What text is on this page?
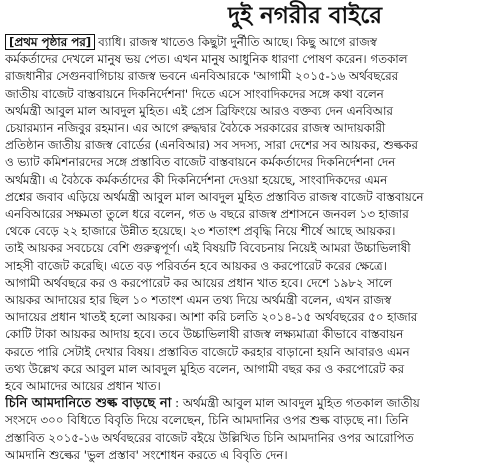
দুই নগরীর বাইরে
[প্রথম পৃষ্ঠার পর] ব্যাধি। রাজস্ব খাতেও কিছুটা দুর্নীতি আছে। কিছু আগে রাজস্ব
কর্মকর্তাদের দেখলে মানুষ ভয় পেত। এখন মানুষ আধুনিক ধারণা পোষণ করেন। গতকাল
রাজধানীর সেগুনবাগিচায় রাজস্ব ভবনে এনবিআরকে 'আগামী ২০১৫-১৬ অর্থবছরের
জাতীয় বাজেট বাস্তবায়নে দিকনির্দেশনা' দিতে এসে সাংবাদিকদের সঙ্গে কথা বলেন
অর্থমন্ত্রী আবুল মাল আবদুল মুহিত। এই প্রেস ব্রিফিংয়ে আরও বক্তব্য দেন এনবিআর
চেয়ারম্যান নজিবুর রহমান। এর আগে রুদ্ধদ্বার বৈঠকে সরকারের রাজস্ব আদায়কারী
প্রতিষ্ঠান জাতীয় রাজস্ব বোর্ডের (এনবিআর) সব সদস্য, সারা দেশের সব আয়কর, শুল্ককর
ও ভ্যাট কমিশনারদের সঙ্গে প্রস্তাবিত বাজেট বাস্তবায়নে কর্মকর্তাদের দিকনির্দেশনা দেন
অর্থমন্ত্রী। এ বৈঠকে কর্মকর্তাদের কী দিকনির্দেশনা দেওয়া হয়েছে, সাংবাদিকদের এমন
প্রশ্নের জবাব এড়িয়ে অর্থমন্ত্রী আবুল মাল আবদুল মুহিত প্রস্তাবিত রাজস্ব বাজেট বাস্তবায়নে
এনবিআরের সক্ষমতা তুলে ধরে বলেন, গত ৬ বছরে রাজস্ব প্রশাসনে জনবল ১৩ হাজার
থেকে বেড়ে ২২ হাজারে উন্নীত হয়েছে। ২৩ শতাংশ প্রবৃদ্ধি নিয়ে শীর্ষে আছে আয়কর।
তাই আয়কর সবচেয়ে বেশি গুরুত্বপূর্ণ। এই বিষয়টি বিবেচনায় নিয়েই আমরা উচ্চাভিলাষী
সাহসী বাজেট করেছি। এতে বড় পরিবর্তন হবে আয়কর ও করপোরেট করের ক্ষেত্রে।
আগামী অর্থবছরে কর ও করপোরেট কর আয়ের প্রধান খাত হবে। দেশে ১৯৮২ সালে
আয়কর আদায়ের হার ছিল ১০ শতাংশ এমন তথ্য দিয়ে অর্থমন্ত্রী বলেন, এখন রাজস্ব
আদায়ের প্রধান খাতই হলো আয়কর। আশা করি চলতি ২০১৪-১৫ অর্থবছরের ৫০ হাজার
কোটি টাকা আয়কর আদায় হবে। তবে উচ্চাভিলাষী রাজস্ব লক্ষ্যমাত্রা কীভাবে বাস্তবায়ন
করতে পারি সেটাই দেখার বিষয়। প্রস্তাবিত বাজেটে করহার বাড়ানো হয়নি আবারও এমন
তথ্য উল্লেখ করে আবুল মাল আবদুল মুহিত বলেন, আগামী বছর কর ও করপোরেট কর
হবে আমাদের আয়ের প্রধান খাত।
চিনি আমদানিতে শুল্ক বাড়ছে না : অর্থমন্ত্রী আবুল মাল আবদুল মুহিত গতকাল জাতীয়
সংসদে ৩০০ বিধিতে বিবৃতি দিয়ে বলেছেন, চিনি আমদানির ওপর শুল্ক বাড়ছে না। তিনি
প্রস্তাবিত ২০১৫-১৬ অর্থবছরের বাজেট বইয়ে উল্লিখিত চিনি আমদানির ওপর আরোপিত
আমদানি শুল্কের 'ভুল প্রস্তাব' সংশোধন করতে এ বিবৃতি দেন।
